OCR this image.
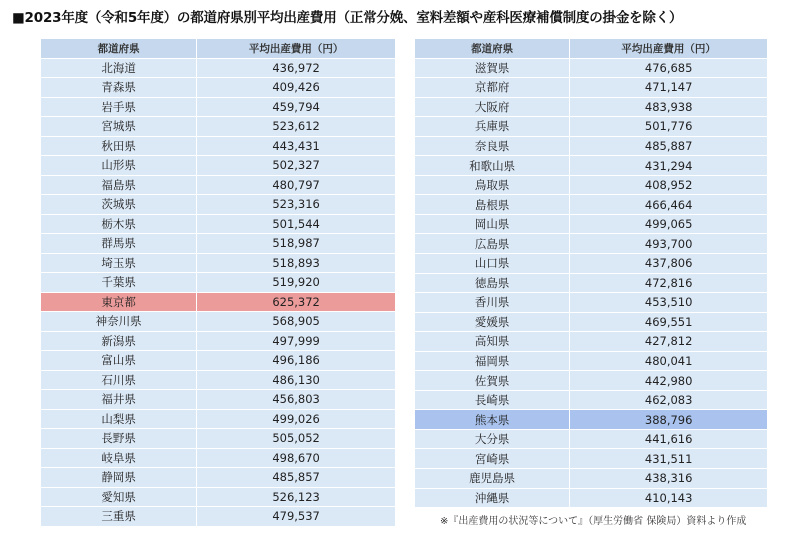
■2023年度（令和5年度）の都道府県別平均出産費用（正常分娩、室料差額や産科医療補償制度の掛金を除く）
都道府県	平均出産費用（円）
北海道	436,972
青森県	409,426
岩手県	459,794
宮城県	523,612
秋田県	443,431
山形県	502,327
福島県	480,797
茨城県	523,316
栃木県	501,544
群馬県	518,987
埼玉県	518,893
千葉県	519,920
東京都	625,372
神奈川県	568,905
新潟県	497,999
富山県	496,186
石川県	486,130
福井県	456,803
山梨県	499,026
長野県	505,052
岐阜県	498,670
静岡県	485,857
愛知県	526,123
三重県	479,537
都道府県	平均出産費用（円）
滋賀県	476,685
京都府	471,147
大阪府	483,938
兵庫県	501,776
奈良県	485,887
和歌山県	431,294
鳥取県	408,952
島根県	466,464
岡山県	499,065
広島県	493,700
山口県	437,806
徳島県	472,816
香川県	453,510
愛媛県	469,551
高知県	427,812
福岡県	480,041
佐賀県	442,980
長崎県	462,083
熊本県	388,796
大分県	441,616
宮崎県	431,511
鹿児島県	438,316
沖縄県	410,143
※『出産費用の状況等について』（厚生労働省 保険局）資料より作成
